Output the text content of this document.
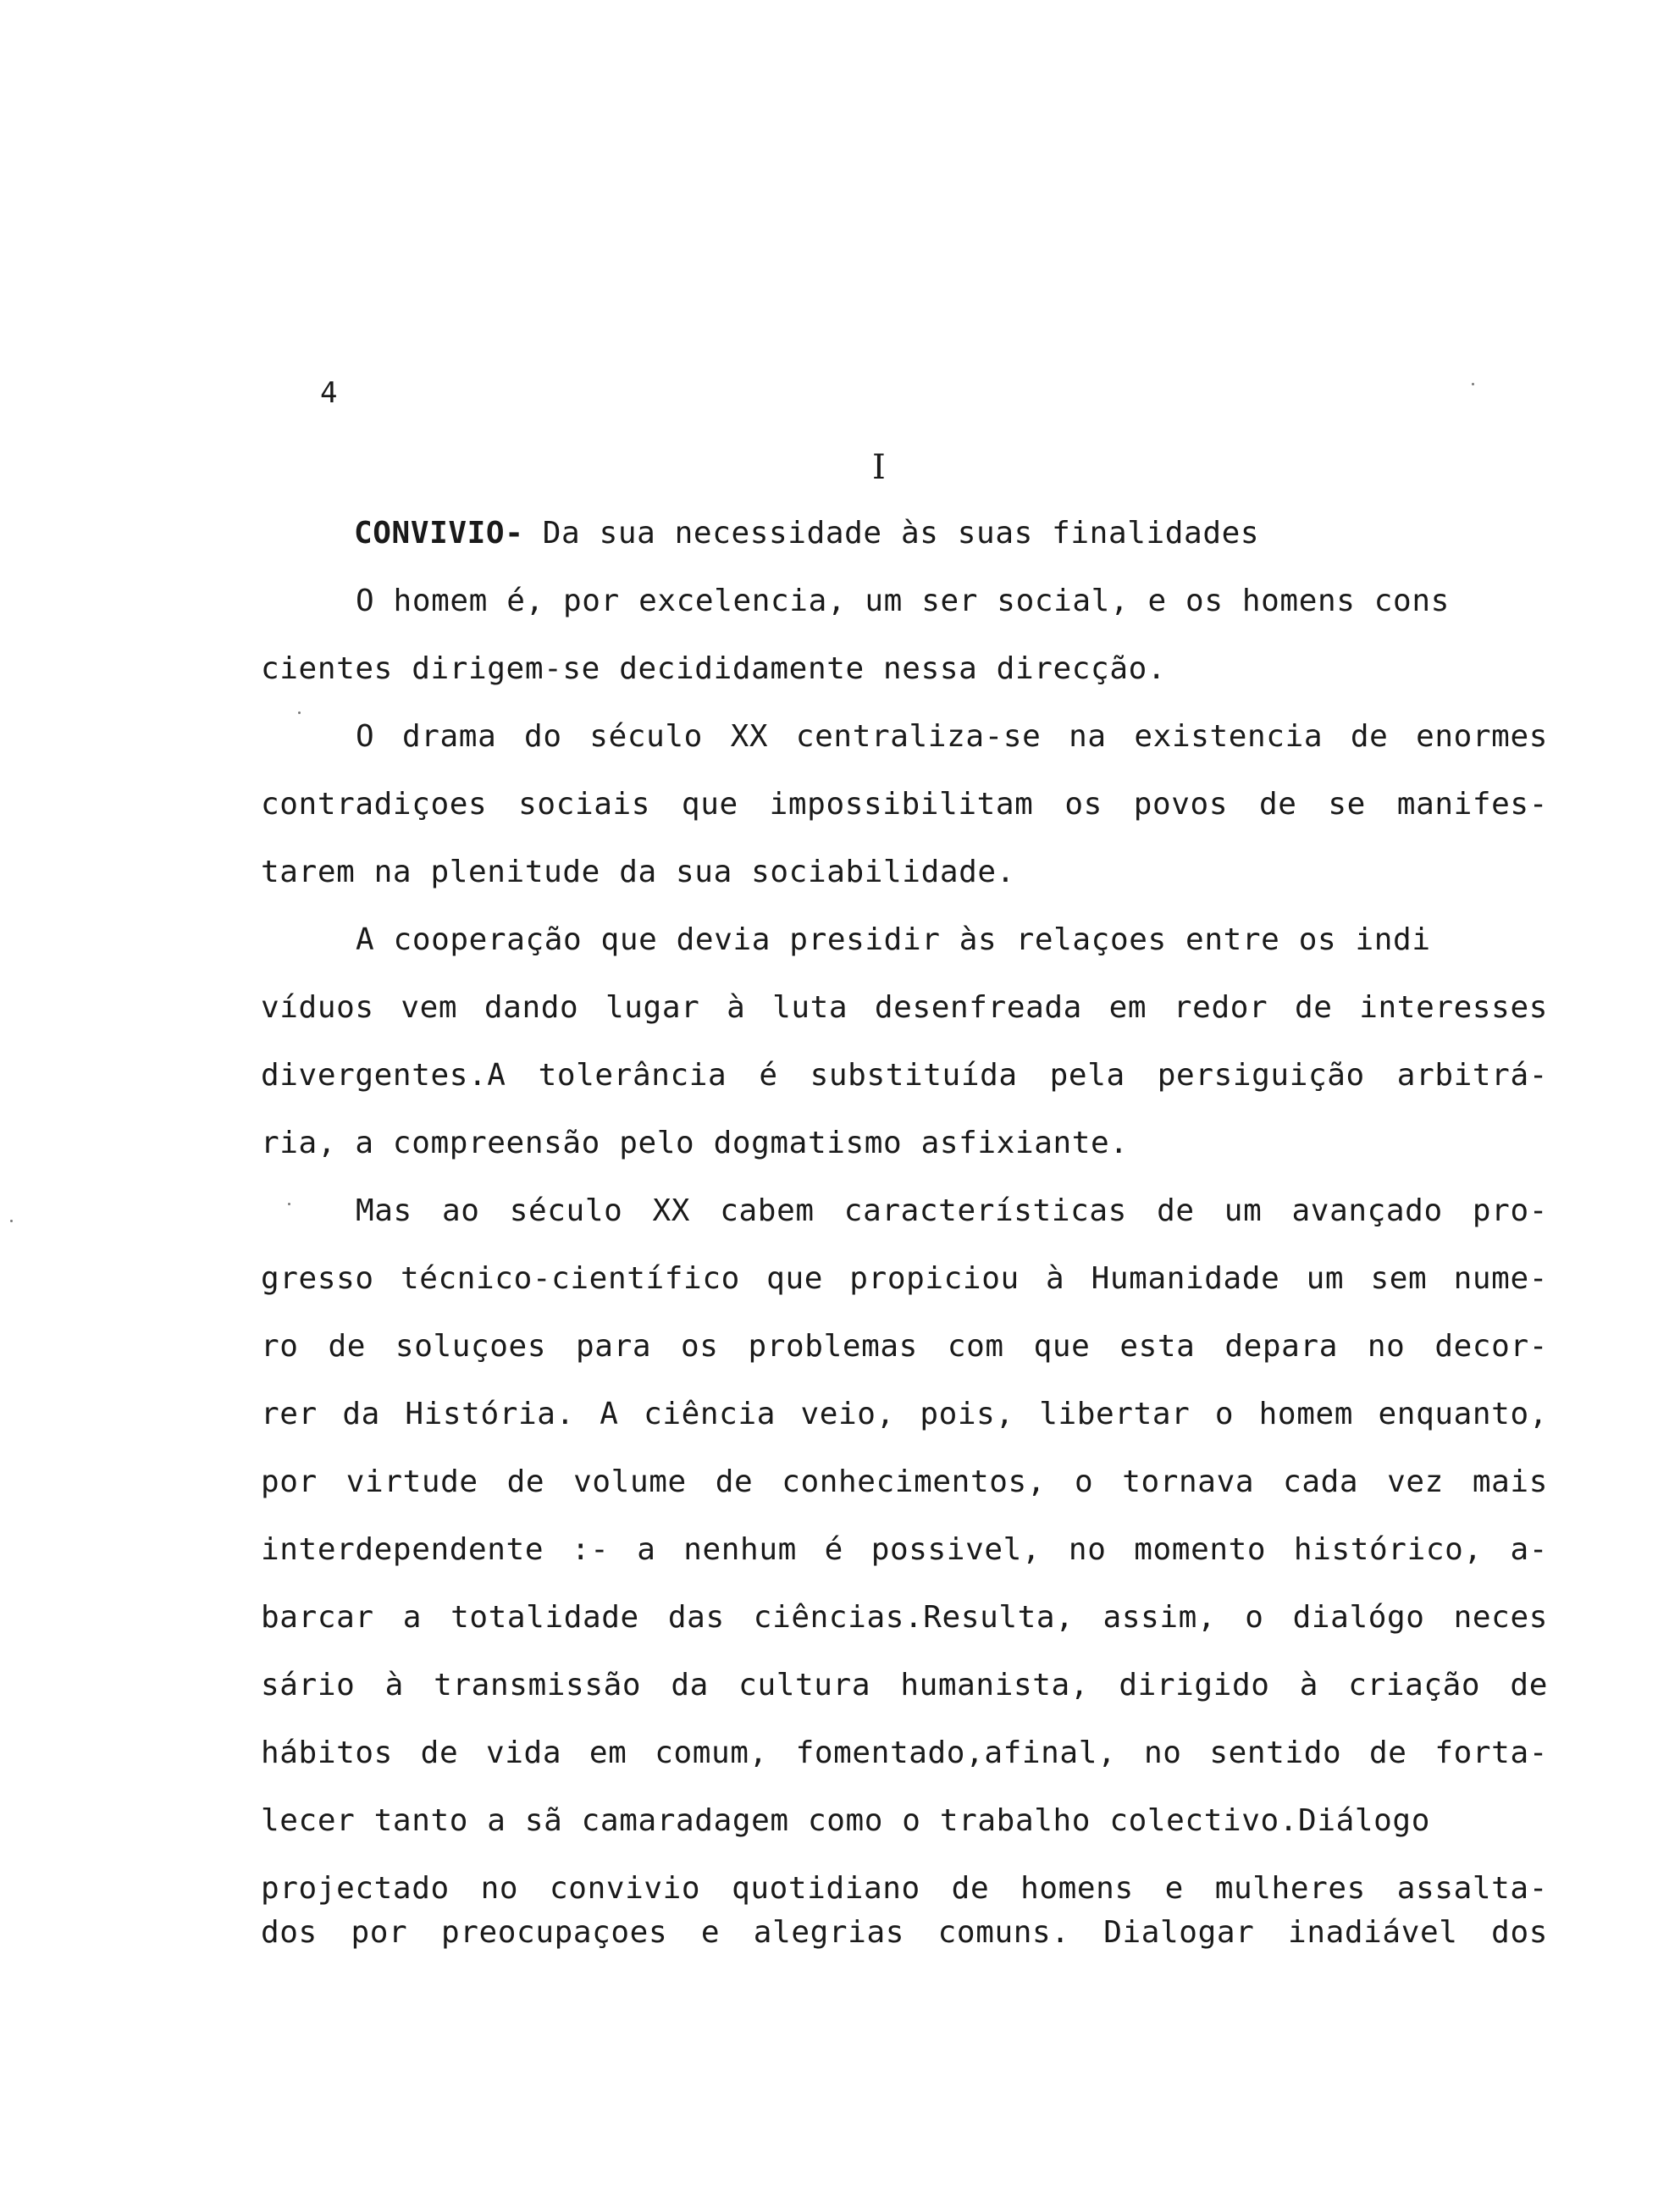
4
I
CONVIVIO- Da sua necessidade às suas finalidades
O homem é, por excelencia, um ser social, e os homens cons
cientes dirigem-se decididamente nessa direcção.
O drama do século XX centraliza-se na existencia de enormes
contradiçoes sociais que impossibilitam os povos de se manifes-
tarem na plenitude da sua sociabilidade.
A cooperação que devia presidir às relaçoes entre os indi
víduos vem dando lugar à luta desenfreada em redor de interesses
divergentes.A tolerância é substituída pela persiguição arbitrá-
ria, a compreensão pelo dogmatismo asfixiante.
Mas ao século XX cabem características de um avançado pro-
gresso técnico-científico que propiciou à Humanidade um sem nume-
ro de soluçoes para os problemas com que esta depara no decor-
rer da História. A ciência veio, pois, libertar o homem enquanto,
por virtude de volume de conhecimentos, o tornava cada vez mais
interdependente :- a nenhum é possivel, no momento histórico, a-
barcar a totalidade das ciências.Resulta, assim, o dialógo neces
sário à transmissão da cultura humanista, dirigido à criação de
hábitos de vida em comum, fomentado,afinal, no sentido de forta-
lecer tanto a sã camaradagem como o trabalho colectivo.Diálogo
projectado no convivio quotidiano de homens e mulheres assalta-
dos por preocupaçoes e alegrias comuns. Dialogar inadiável dos
